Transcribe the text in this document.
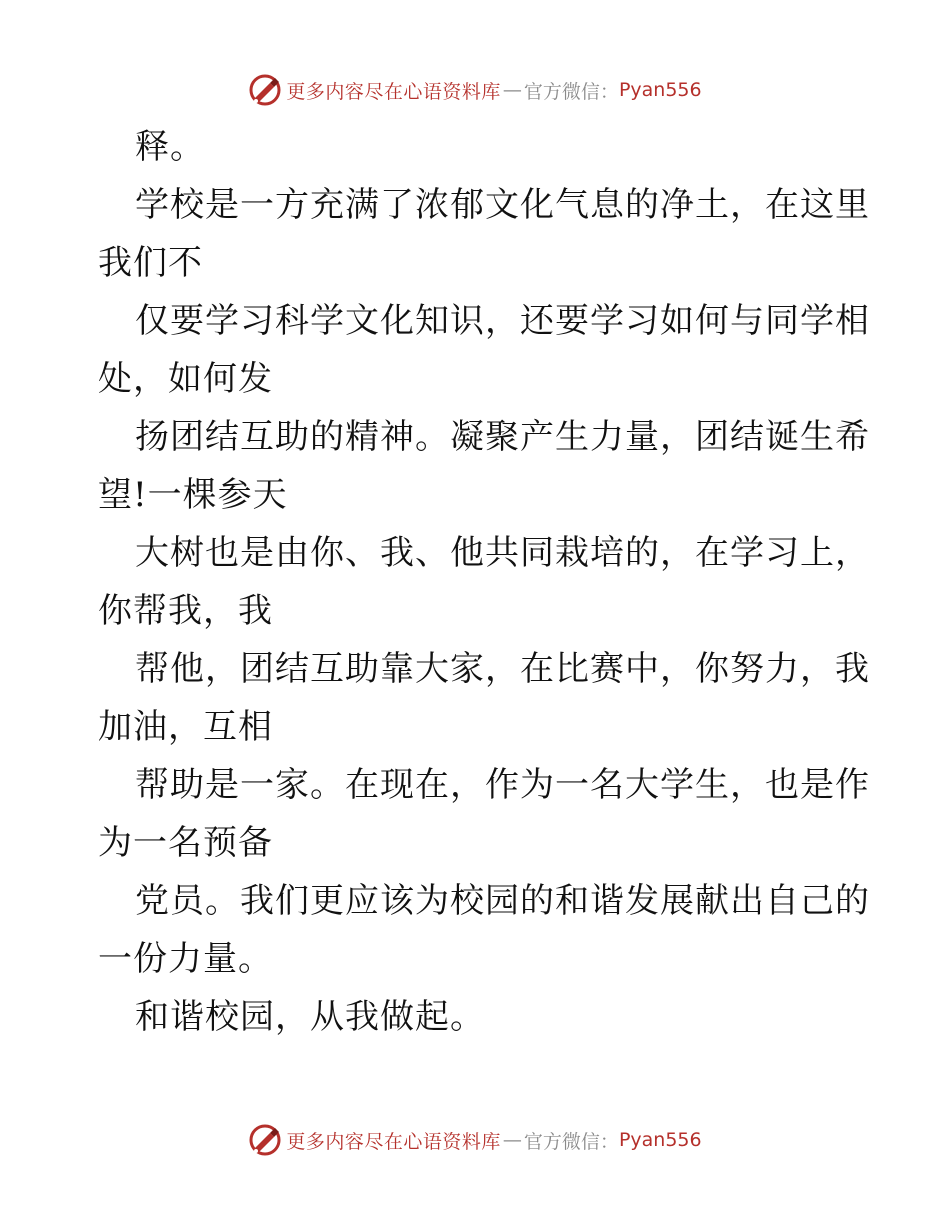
更多内容尽在心语资料库 — 官方微信： Pyan556
释。
学校是一方充满了浓郁文化气息的净土，在这里
我们不
仅要学习科学文化知识，还要学习如何与同学相
处，如何发
扬团结互助的精神。凝聚产生力量，团结诞生希
望!一棵参天
大树也是由你、我、他共同栽培的，在学习上，
你帮我，我
帮他，团结互助靠大家，在比赛中，你努力，我
加油，互相
帮助是一家。在现在，作为一名大学生，也是作
为一名预备
党员。我们更应该为校园的和谐发展献出自己的
一份力量。
和谐校园，从我做起。
更多内容尽在心语资料库 — 官方微信： Pyan556
